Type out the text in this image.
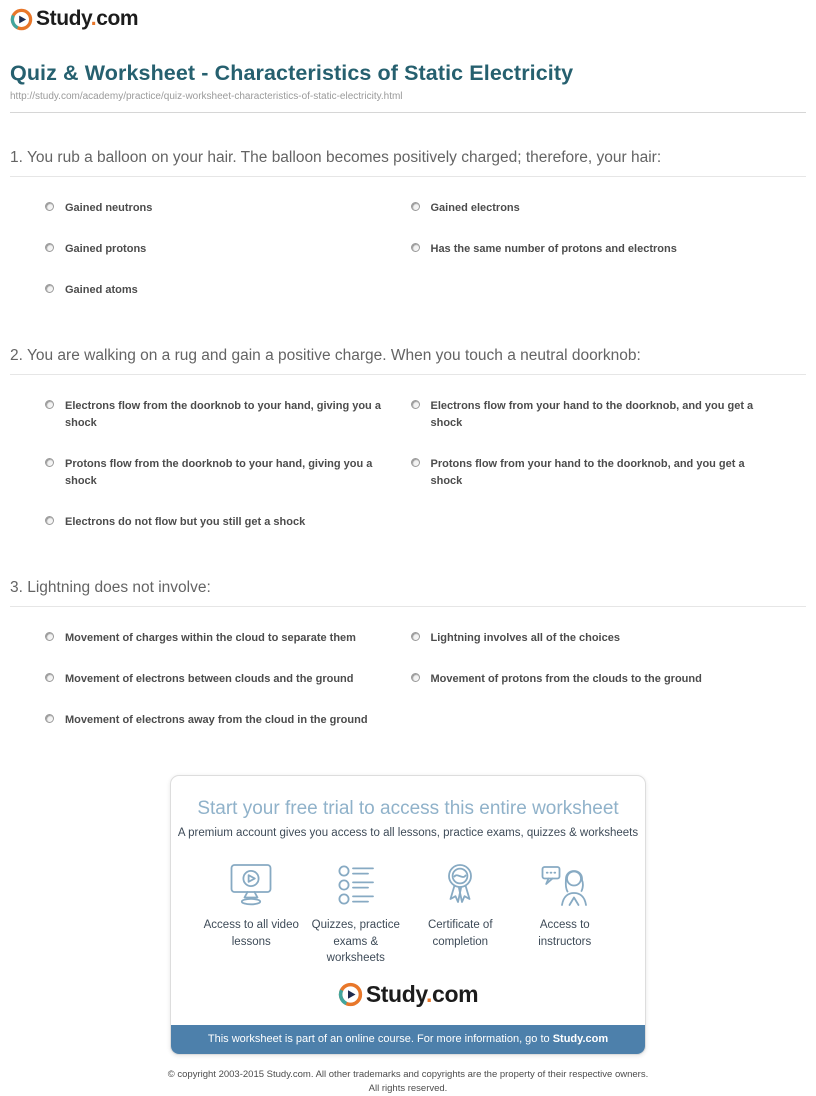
Study.com
Quiz & Worksheet - Characteristics of Static Electricity
http://study.com/academy/practice/quiz-worksheet-characteristics-of-static-electricity.html
1. You rub a balloon on your hair. The balloon becomes positively charged; therefore, your hair:
Gained neutrons	Gained electrons
Gained protons	Has the same number of protons and electrons
Gained atoms
2. You are walking on a rug and gain a positive charge. When you touch a neutral doorknob:
Electrons flow from the doorknob to your hand, giving you a shock
Electrons flow from your hand to the doorknob, and you get a shock
Protons flow from the doorknob to your hand, giving you a shock
Protons flow from your hand to the doorknob, and you get a shock
Electrons do not flow but you still get a shock
3. Lightning does not involve:
Movement of charges within the cloud to separate them	Lightning involves all of the choices
Movement of electrons between clouds and the ground	Movement of protons from the clouds to the ground
Movement of electrons away from the cloud in the ground
Start your free trial to access this entire worksheet
A premium account gives you access to all lessons, practice exams, quizzes & worksheets
Access to all video lessons
Quizzes, practice exams & worksheets
Certificate of completion
Access to instructors
Study.com
This worksheet is part of an online course. For more information, go to Study.com
© copyright 2003-2015 Study.com. All other trademarks and copyrights are the property of their respective owners.
All rights reserved.
